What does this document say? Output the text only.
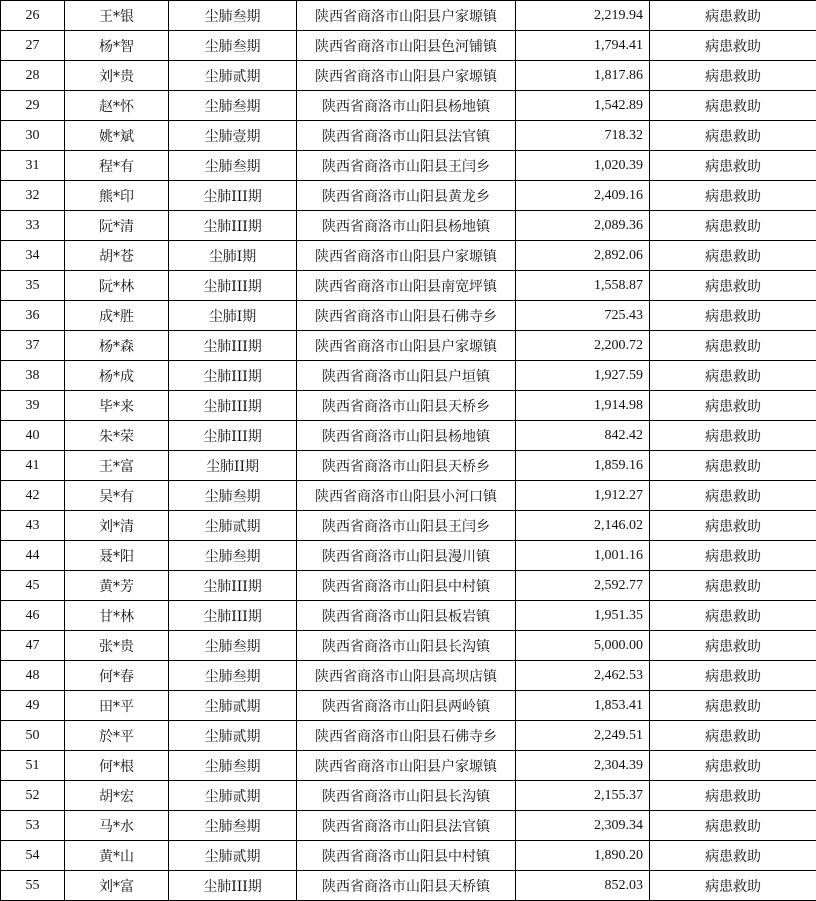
26	王*银	尘肺叁期	陕西省商洛市山阳县户家塬镇	2,219.94	病患救助
27	杨*智	尘肺叁期	陕西省商洛市山阳县色河铺镇	1,794.41	病患救助
28	刘*贵	尘肺贰期	陕西省商洛市山阳县户家塬镇	1,817.86	病患救助
29	赵*怀	尘肺叁期	陕西省商洛市山阳县杨地镇	1,542.89	病患救助
30	姚*斌	尘肺壹期	陕西省商洛市山阳县法官镇	718.32	病患救助
31	程*有	尘肺叁期	陕西省商洛市山阳县王闫乡	1,020.39	病患救助
32	熊*印	尘肺III期	陕西省商洛市山阳县黄龙乡	2,409.16	病患救助
33	阮*清	尘肺III期	陕西省商洛市山阳县杨地镇	2,089.36	病患救助
34	胡*苍	尘肺I期	陕西省商洛市山阳县户家塬镇	2,892.06	病患救助
35	阮*林	尘肺III期	陕西省商洛市山阳县南宽坪镇	1,558.87	病患救助
36	成*胜	尘肺I期	陕西省商洛市山阳县石佛寺乡	725.43	病患救助
37	杨*森	尘肺III期	陕西省商洛市山阳县户家塬镇	2,200.72	病患救助
38	杨*成	尘肺III期	陕西省商洛市山阳县户垣镇	1,927.59	病患救助
39	毕*来	尘肺III期	陕西省商洛市山阳县天桥乡	1,914.98	病患救助
40	朱*荣	尘肺III期	陕西省商洛市山阳县杨地镇	842.42	病患救助
41	王*富	尘肺II期	陕西省商洛市山阳县天桥乡	1,859.16	病患救助
42	吴*有	尘肺叁期	陕西省商洛市山阳县小河口镇	1,912.27	病患救助
43	刘*清	尘肺贰期	陕西省商洛市山阳县王闫乡	2,146.02	病患救助
44	聂*阳	尘肺叁期	陕西省商洛市山阳县漫川镇	1,001.16	病患救助
45	黄*芳	尘肺III期	陕西省商洛市山阳县中村镇	2,592.77	病患救助
46	甘*林	尘肺III期	陕西省商洛市山阳县板岩镇	1,951.35	病患救助
47	张*贵	尘肺叁期	陕西省商洛市山阳县长沟镇	5,000.00	病患救助
48	何*春	尘肺叁期	陕西省商洛市山阳县高坝店镇	2,462.53	病患救助
49	田*平	尘肺贰期	陕西省商洛市山阳县两岭镇	1,853.41	病患救助
50	於*平	尘肺贰期	陕西省商洛市山阳县石佛寺乡	2,249.51	病患救助
51	何*根	尘肺叁期	陕西省商洛市山阳县户家塬镇	2,304.39	病患救助
52	胡*宏	尘肺贰期	陕西省商洛市山阳县长沟镇	2,155.37	病患救助
53	马*水	尘肺叁期	陕西省商洛市山阳县法官镇	2,309.34	病患救助
54	黄*山	尘肺贰期	陕西省商洛市山阳县中村镇	1,890.20	病患救助
55	刘*富	尘肺III期	陕西省商洛市山阳县天桥镇	852.03	病患救助
